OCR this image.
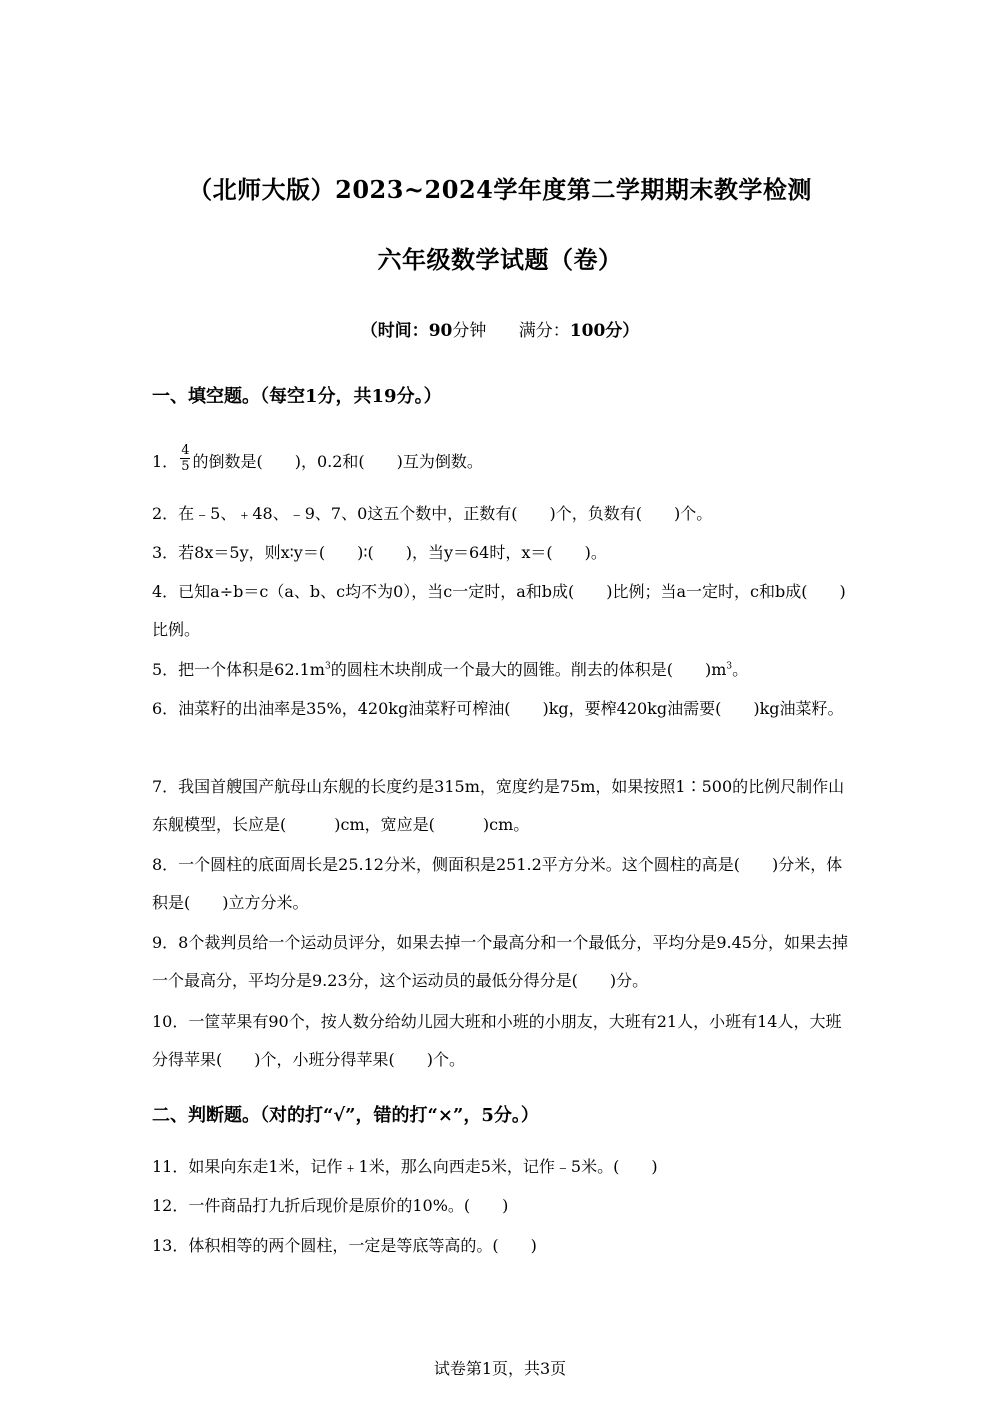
（北师大版）2023~2024学年度第二学期期末教学检测
六年级数学试题（卷）
（时间：90分钟 满分：100分）
一、填空题。（每空1分，共19分。）
1． $\frac{4}{5}$ 的倒数是(　　)，0.2和(　　)互为倒数。
2．在﹣5、﹢48、﹣9、7、0这五个数中，正数有(　　)个，负数有(　　)个。
3．若8x＝5y，则x∶y＝(　　)∶(　　)，当y＝64时，x＝(　　)。
4．已知a÷b＝c（a、b、c均不为0），当c一定时，a和b成(　　)比例；当a一定时，c和b成(　　)比例。
5．把一个体积是$62.1m^3$的圆柱木块削成一个最大的圆锥。削去的体积是(　　)$m^3$。
6．油菜籽的出油率是35%，420kg油菜籽可榨油(　　)kg，要榨420kg油需要(　　)kg油菜籽。
7．我国首艘国产航母山东舰的长度约是315m，宽度约是75m，如果按照1∶500的比例尺制作山东舰模型，长应是(　　　)cm，宽应是(　　　)cm。
8．一个圆柱的底面周长是25.12分米，侧面积是251.2平方分米。这个圆柱的高是(　　)分米，体积是(　　)立方分米。
9．8个裁判员给一个运动员评分，如果去掉一个最高分和一个最低分，平均分是9.45分，如果去掉一个最高分，平均分是9.23分，这个运动员的最低分得分是(　　)分。
10．一筐苹果有90个，按人数分给幼儿园大班和小班的小朋友，大班有21人，小班有14人，大班分得苹果(　　)个，小班分得苹果(　　)个。
二、判断题。（对的打“√”，错的打“×”，5分。）
11．如果向东走1米，记作﹢1米，那么向西走5米，记作﹣5米。(　　)
12．一件商品打九折后现价是原价的10%。(　　)
13．体积相等的两个圆柱，一定是等底等高的。(　　)
试卷第1页，共3页
